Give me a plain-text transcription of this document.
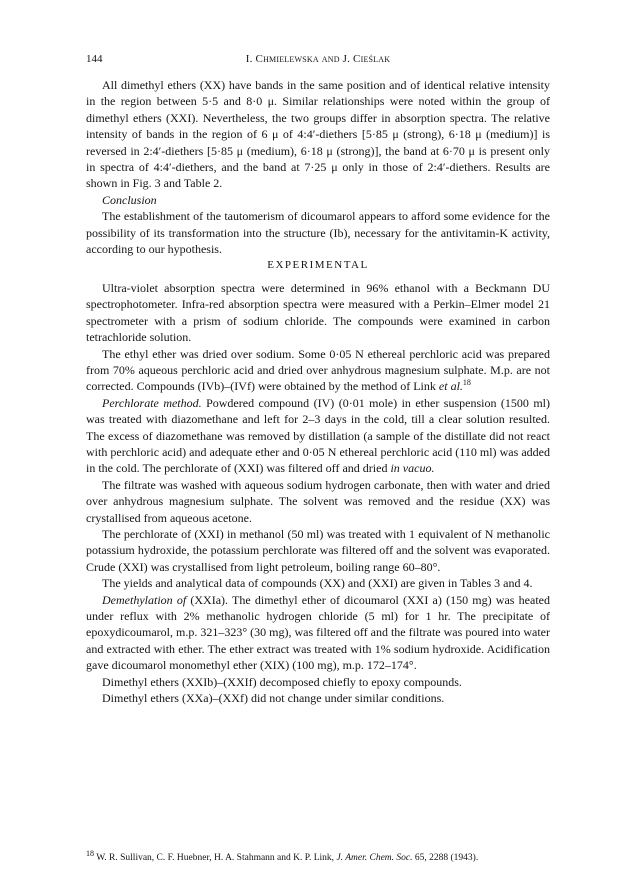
144	I. Chmielewska and J. Cieślak

All dimethyl ethers (XX) have bands in the same position and of identical relative intensity in the region between 5·5 and 8·0 μ. Similar relationships were noted within the group of dimethyl ethers (XXI). Nevertheless, the two groups differ in absorption spectra. The relative intensity of bands in the region of 6 μ of 4:4′-diethers [5·85 μ (strong), 6·18 μ (medium)] is reversed in 2:4′-diethers [5·85 μ (medium), 6·18 μ (strong)], the band at 6·70 μ is present only in spectra of 4:4′-diethers, and the band at 7·25 μ only in those of 2:4′-diethers. Results are shown in Fig. 3 and Table 2.

Conclusion

The establishment of the tautomerism of dicoumarol appears to afford some evidence for the possibility of its transformation into the structure (Ib), necessary for the antivitamin-K activity, according to our hypothesis.

EXPERIMENTAL

Ultra-violet absorption spectra were determined in 96% ethanol with a Beckmann DU spectrophotometer. Infra-red absorption spectra were measured with a Perkin–Elmer model 21 spectrometer with a prism of sodium chloride. The compounds were examined in carbon tetrachloride solution.

The ethyl ether was dried over sodium. Some 0·05 N ethereal perchloric acid was prepared from 70% aqueous perchloric acid and dried over anhydrous magnesium sulphate. M.p. are not corrected. Compounds (IVb)–(IVf) were obtained by the method of Link et al.$^{18}$

Perchlorate method. Powdered compound (IV) (0·01 mole) in ether suspension (1500 ml) was treated with diazomethane and left for 2–3 days in the cold, till a clear solution resulted. The excess of diazomethane was removed by distillation (a sample of the distillate did not react with perchloric acid) and adequate ether and 0·05 N ethereal perchloric acid (110 ml) was added in the cold. The perchlorate of (XXI) was filtered off and dried in vacuo.

The filtrate was washed with aqueous sodium hydrogen carbonate, then with water and dried over anhydrous magnesium sulphate. The solvent was removed and the residue (XX) was crystallised from aqueous acetone.

The perchlorate of (XXI) in methanol (50 ml) was treated with 1 equivalent of N methanolic potassium hydroxide, the potassium perchlorate was filtered off and the solvent was evaporated. Crude (XXI) was crystallised from light petroleum, boiling range 60–80°.

The yields and analytical data of compounds (XX) and (XXI) are given in Tables 3 and 4.

Demethylation of (XXIa). The dimethyl ether of dicoumarol (XXI a) (150 mg) was heated under reflux with 2% methanolic hydrogen chloride (5 ml) for 1 hr. The precipitate of epoxydicoumarol, m.p. 321–323° (30 mg), was filtered off and the filtrate was poured into water and extracted with ether. The ether extract was treated with 1% sodium hydroxide. Acidification gave dicoumarol monomethyl ether (XIX) (100 mg), m.p. 172–174°.

Dimethyl ethers (XXIb)–(XXIf) decomposed chiefly to epoxy compounds.

Dimethyl ethers (XXa)–(XXf) did not change under similar conditions.

$^{18}$ W. R. Sullivan, C. F. Huebner, H. A. Stahmann and K. P. Link, J. Amer. Chem. Soc. 65, 2288 (1943).
